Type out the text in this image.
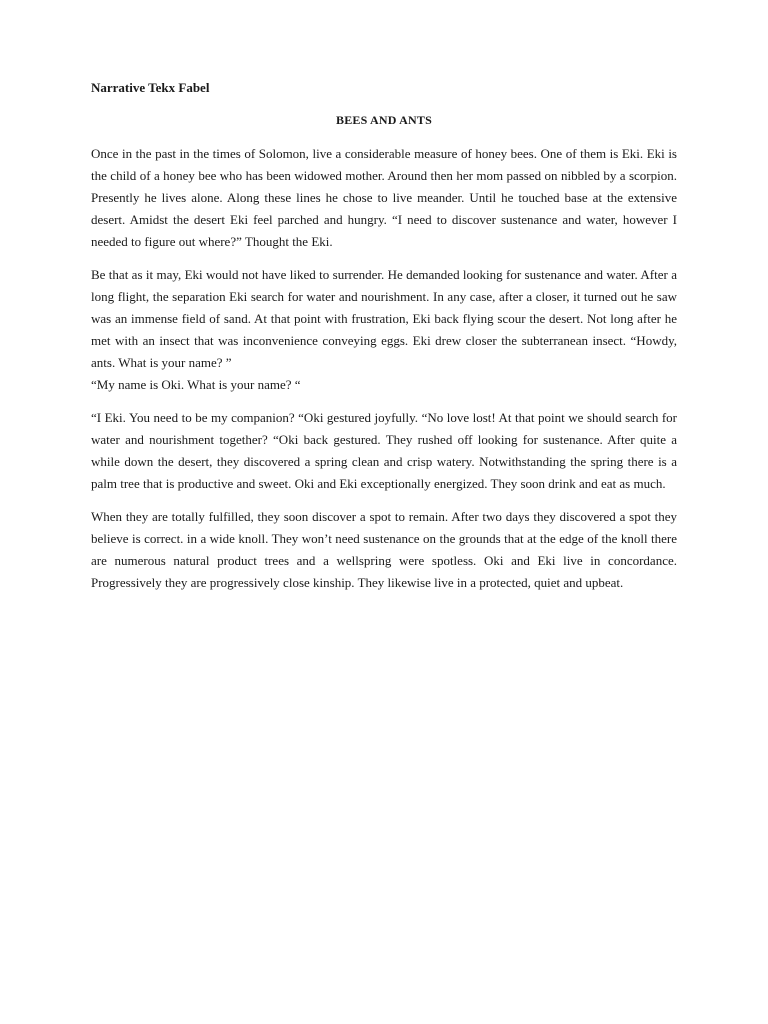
Narrative Tekx Fabel
BEES AND ANTS

Once in the past in the times of Solomon, live a considerable measure of honey bees. One of them is Eki. Eki is the child of a honey bee who has been widowed mother. Around then her mom passed on nibbled by a scorpion. Presently he lives alone. Along these lines he chose to live meander. Until he touched base at the extensive desert. Amidst the desert Eki feel parched and hungry. “I need to discover sustenance and water, however I needed to figure out where?” Thought the Eki.

Be that as it may, Eki would not have liked to surrender. He demanded looking for sustenance and water. After a long flight, the separation Eki search for water and nourishment. In any case, after a closer, it turned out he saw was an immense field of sand. At that point with frustration, Eki back flying scour the desert. Not long after he met with an insect that was inconvenience conveying eggs. Eki drew closer the subterranean insect. “Howdy, ants. What is your name? ”
“My name is Oki. What is your name? “

“I Eki. You need to be my companion? “Oki gestured joyfully. “No love lost! At that point we should search for water and nourishment together? “Oki back gestured. They rushed off looking for sustenance. After quite a while down the desert, they discovered a spring clean and crisp watery. Notwithstanding the spring there is a palm tree that is productive and sweet. Oki and Eki exceptionally energized. They soon drink and eat as much.

When they are totally fulfilled, they soon discover a spot to remain. After two days they discovered a spot they believe is correct. in a wide knoll. They won’t need sustenance on the grounds that at the edge of the knoll there are numerous natural product trees and a wellspring were spotless. Oki and Eki live in concordance. Progressively they are progressively close kinship. They likewise live in a protected, quiet and upbeat.
